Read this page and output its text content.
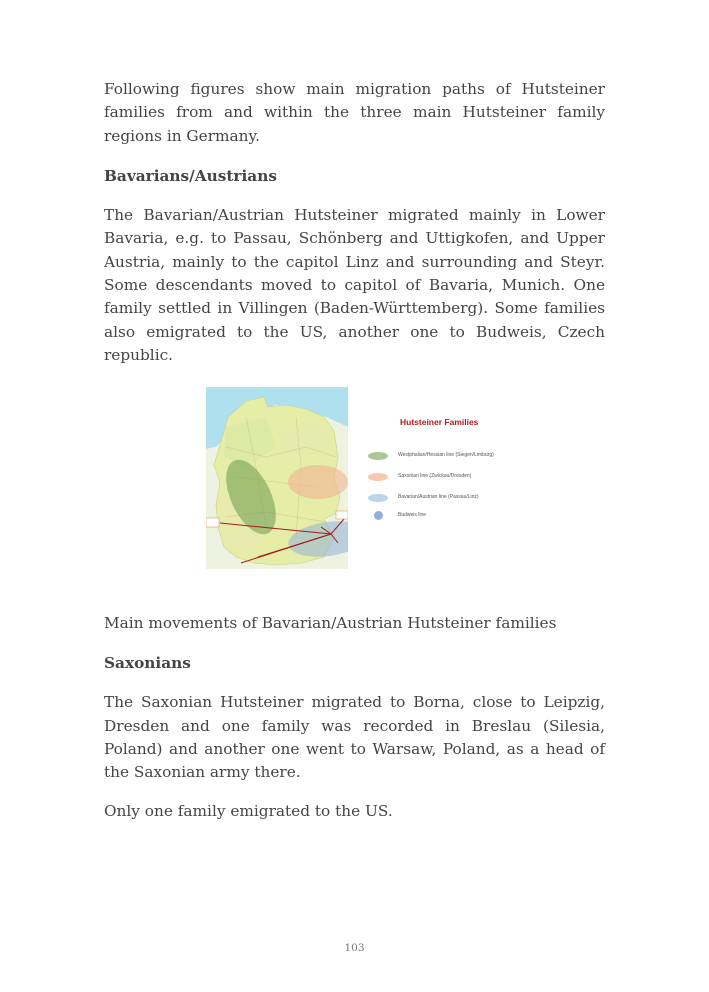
Following figures show main migration paths of Hutsteiner families from and within the three main Hutsteiner family regions in Germany.

Bavarians/Austrians

The Bavarian/Austrian Hutsteiner migrated mainly in Lower Bavaria, e.g. to Passau, Schönberg and Uttigkofen, and Upper Austria, mainly to the capitol Linz and surrounding and Steyr. Some descendants moved to capitol of Bavaria, Munich. One family settled in Villingen (Baden-Württemberg). Some families also emigrated to the US, another one to Budweis, Czech republic.

Hutsteiner Families
Westphalian/Hessian line (Siegen/Limburg)
Saxonian line (Zwickau/Dresden)
Bavarian/Austrian line (Passau/Linz)
Budweis line

Main movements of Bavarian/Austrian Hutsteiner families

Saxonians

The Saxonian Hutsteiner migrated to Borna, close to Leipzig, Dresden and one family was recorded in Breslau (Silesia, Poland) and another one went to Warsaw, Poland, as a head of the Saxonian army there.

Only one family emigrated to the US.

103
